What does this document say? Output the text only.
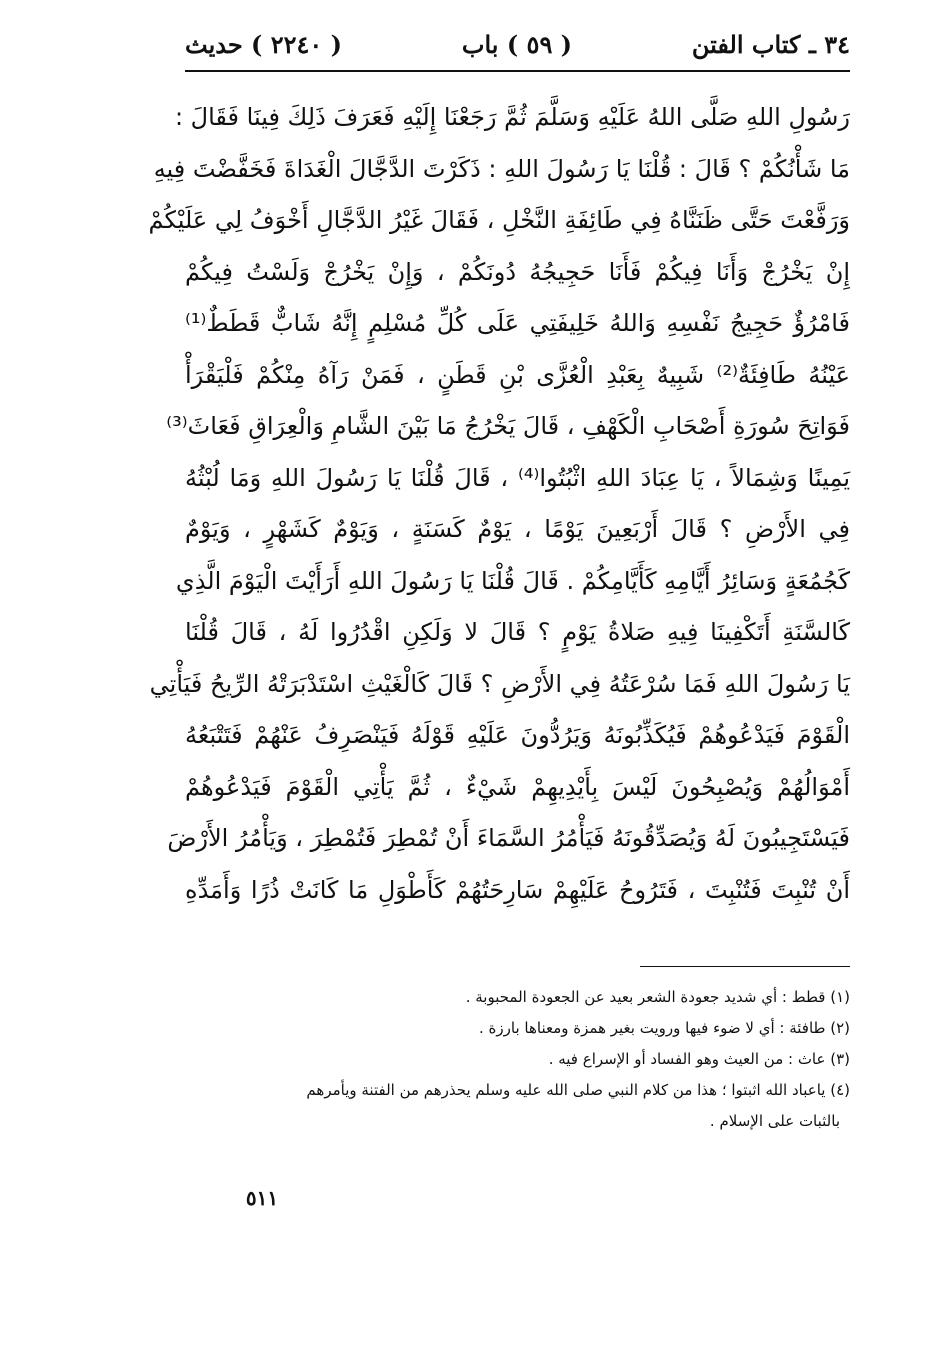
٣٤ ـ كتاب الفتن
( ٥٩ ) باب
( ٢٢٤٠ ) حديث
رَسُولِ اللهِ صَلَّى اللهُ عَلَيْهِ وَسَلَّمَ ثُمَّ رَجَعْنَا إِلَيْهِ فَعَرَفَ ذَلِكَ فِينَا فَقَالَ :
مَا شَأْنُكُمْ ؟ قَالَ : قُلْنَا يَا رَسُولَ اللهِ : ذَكَرْتَ الدَّجَّالَ الْغَدَاةَ فَخَفَّضْتَ فِيهِ
وَرَفَّعْتَ حَتَّى ظَنَنَّاهُ فِي طَائِفَةِ النَّخْلِ ، فَقَالَ غَيْرُ الدَّجَّالِ أَخْوَفُ لِي عَلَيْكُمْ
إِنْ يَخْرُجْ وَأَنَا فِيكُمْ فَأَنَا حَجِيجُهُ دُونَكُمْ ، وَإِنْ يَخْرُجْ وَلَسْتُ فِيكُمْ
فَامْرُؤٌ حَجِيجُ نَفْسِهِ وَاللهُ خَلِيفَتِي عَلَى كُلِّ مُسْلِمٍ إِنَّهُ شَابٌّ قَطَطٌ⁽¹⁾
عَيْنُهُ طَافِئَةٌ⁽²⁾ شَبِيهٌ بِعَبْدِ الْعُزَّى بْنِ قَطَنٍ ، فَمَنْ رَآهُ مِنْكُمْ فَلْيَقْرَأْ
فَوَاتِحَ سُورَةِ أَصْحَابِ الْكَهْفِ ، قَالَ يَخْرُجُ مَا بَيْنَ الشَّامِ وَالْعِرَاقِ فَعَاثَ⁽³⁾
يَمِينًا وَشِمَالاً ، يَا عِبَادَ اللهِ اثْبُتُوا⁽⁴⁾ ، قَالَ قُلْنَا يَا رَسُولَ اللهِ وَمَا لُبْثُهُ
فِي الأَرْضِ ؟ قَالَ أَرْبَعِينَ يَوْمًا ، يَوْمٌ كَسَنَةٍ ، وَيَوْمٌ كَشَهْرٍ ، وَيَوْمٌ
كَجُمُعَةٍ وَسَائِرُ أَيَّامِهِ كَأَيَّامِكُمْ . قَالَ قُلْنَا يَا رَسُولَ اللهِ أَرَأَيْتَ الْيَوْمَ الَّذِي
كَالسَّنَةِ أَتَكْفِينَا فِيهِ صَلاةُ يَوْمٍ ؟ قَالَ لا وَلَكِنِ اقْدُرُوا لَهُ ، قَالَ قُلْنَا
يَا رَسُولَ اللهِ فَمَا سُرْعَتُهُ فِي الأَرْضِ ؟ قَالَ كَالْغَيْثِ اسْتَدْبَرَتْهُ الرِّيحُ فَيَأْتِي
الْقَوْمَ فَيَدْعُوهُمْ فَيُكَذِّبُونَهُ وَيَرُدُّونَ عَلَيْهِ قَوْلَهُ فَيَنْصَرِفُ عَنْهُمْ فَتَتْبَعُهُ
أَمْوَالُهُمْ وَيُصْبِحُونَ لَيْسَ بِأَيْدِيهِمْ شَيْءٌ ، ثُمَّ يَأْتِي الْقَوْمَ فَيَدْعُوهُمْ
فَيَسْتَجِيبُونَ لَهُ وَيُصَدِّقُونَهُ فَيَأْمُرُ السَّمَاءَ أَنْ تُمْطِرَ فَتُمْطِرَ ، وَيَأْمُرُ الأَرْضَ
أَنْ تُنْبِتَ فَتُنْبِتَ ، فَتَرُوحُ عَلَيْهِمْ سَارِحَتُهُمْ كَأَطْوَلِ مَا كَانَتْ ذُرًا وَأَمَدِّهِ
(١) قطط : أي شديد جعودة الشعر بعيد عن الجعودة المحبوبة .
(٢) طافئة : أي لا ضوء فيها ورويت بغير همزة ومعناها بارزة .
(٣) عاث : من العيث وهو الفساد أو الإسراع فيه .
(٤) ياعباد الله اثبتوا ؛ هذا من كلام النبي صلى الله عليه وسلم يحذرهم من الفتنة ويأمرهم
بالثبات على الإسلام .
٥١١
